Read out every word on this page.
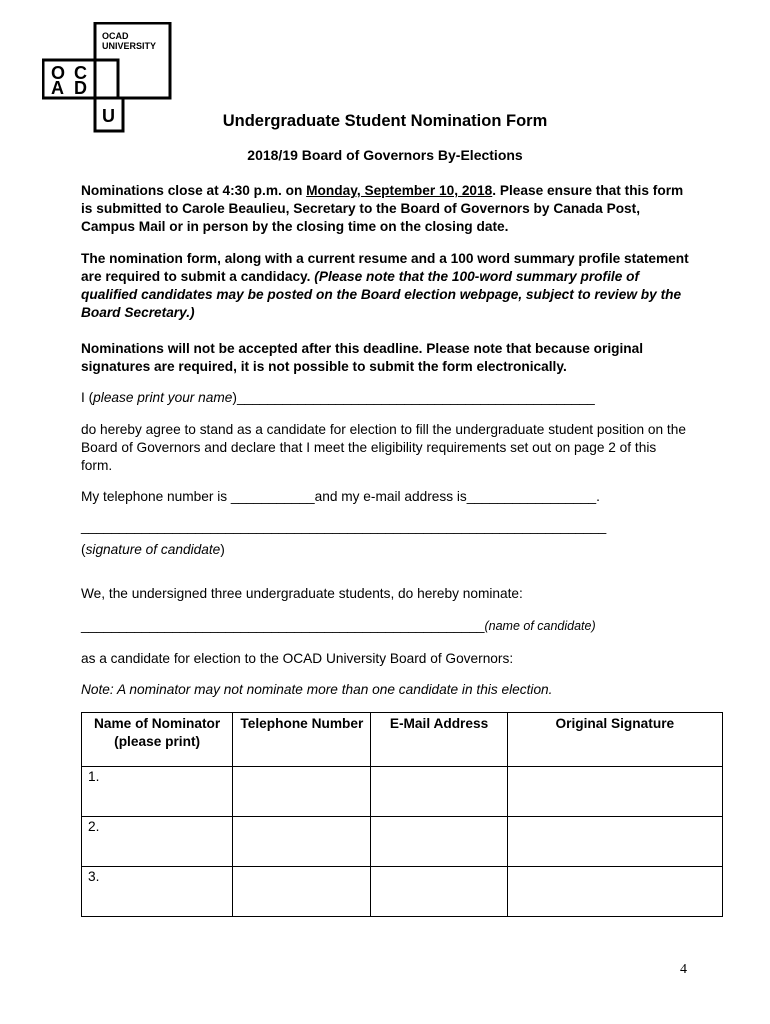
OCAD
UNIVERSITY
O C
A D
U	Undergraduate Student Nomination Form
2018/19 Board of Governors By-Elections
Nominations close at 4:30 p.m. on Monday, September 10, 2018. Please ensure that this form is submitted to Carole Beaulieu, Secretary to the Board of Governors by Canada Post, Campus Mail or in person by the closing time on the closing date.
The nomination form, along with a current resume and a 100 word summary profile statement are required to submit a candidacy. (Please note that the 100-word summary profile of qualified candidates may be posted on the Board election webpage, subject to review by the Board Secretary.)
Nominations will not be accepted after this deadline. Please note that because original signatures are required, it is not possible to submit the form electronically.
I (please print your name)_______________________________________________
do hereby agree to stand as a candidate for election to fill the undergraduate student position on the Board of Governors and declare that I meet the eligibility requirements set out on page 2 of this form.
My telephone number is ___________and my e-mail address is_________________.
_____________________________________________________________________
(signature of candidate)
We, the undersigned three undergraduate students, do hereby nominate:
_____________________________________________________(name of candidate)
as a candidate for election to the OCAD University Board of Governors:
Note: A nominator may not nominate more than one candidate in this election.
Name of Nominator (please print)	Telephone Number	E-Mail Address	Original Signature
1.			
2.			
3.			
4
